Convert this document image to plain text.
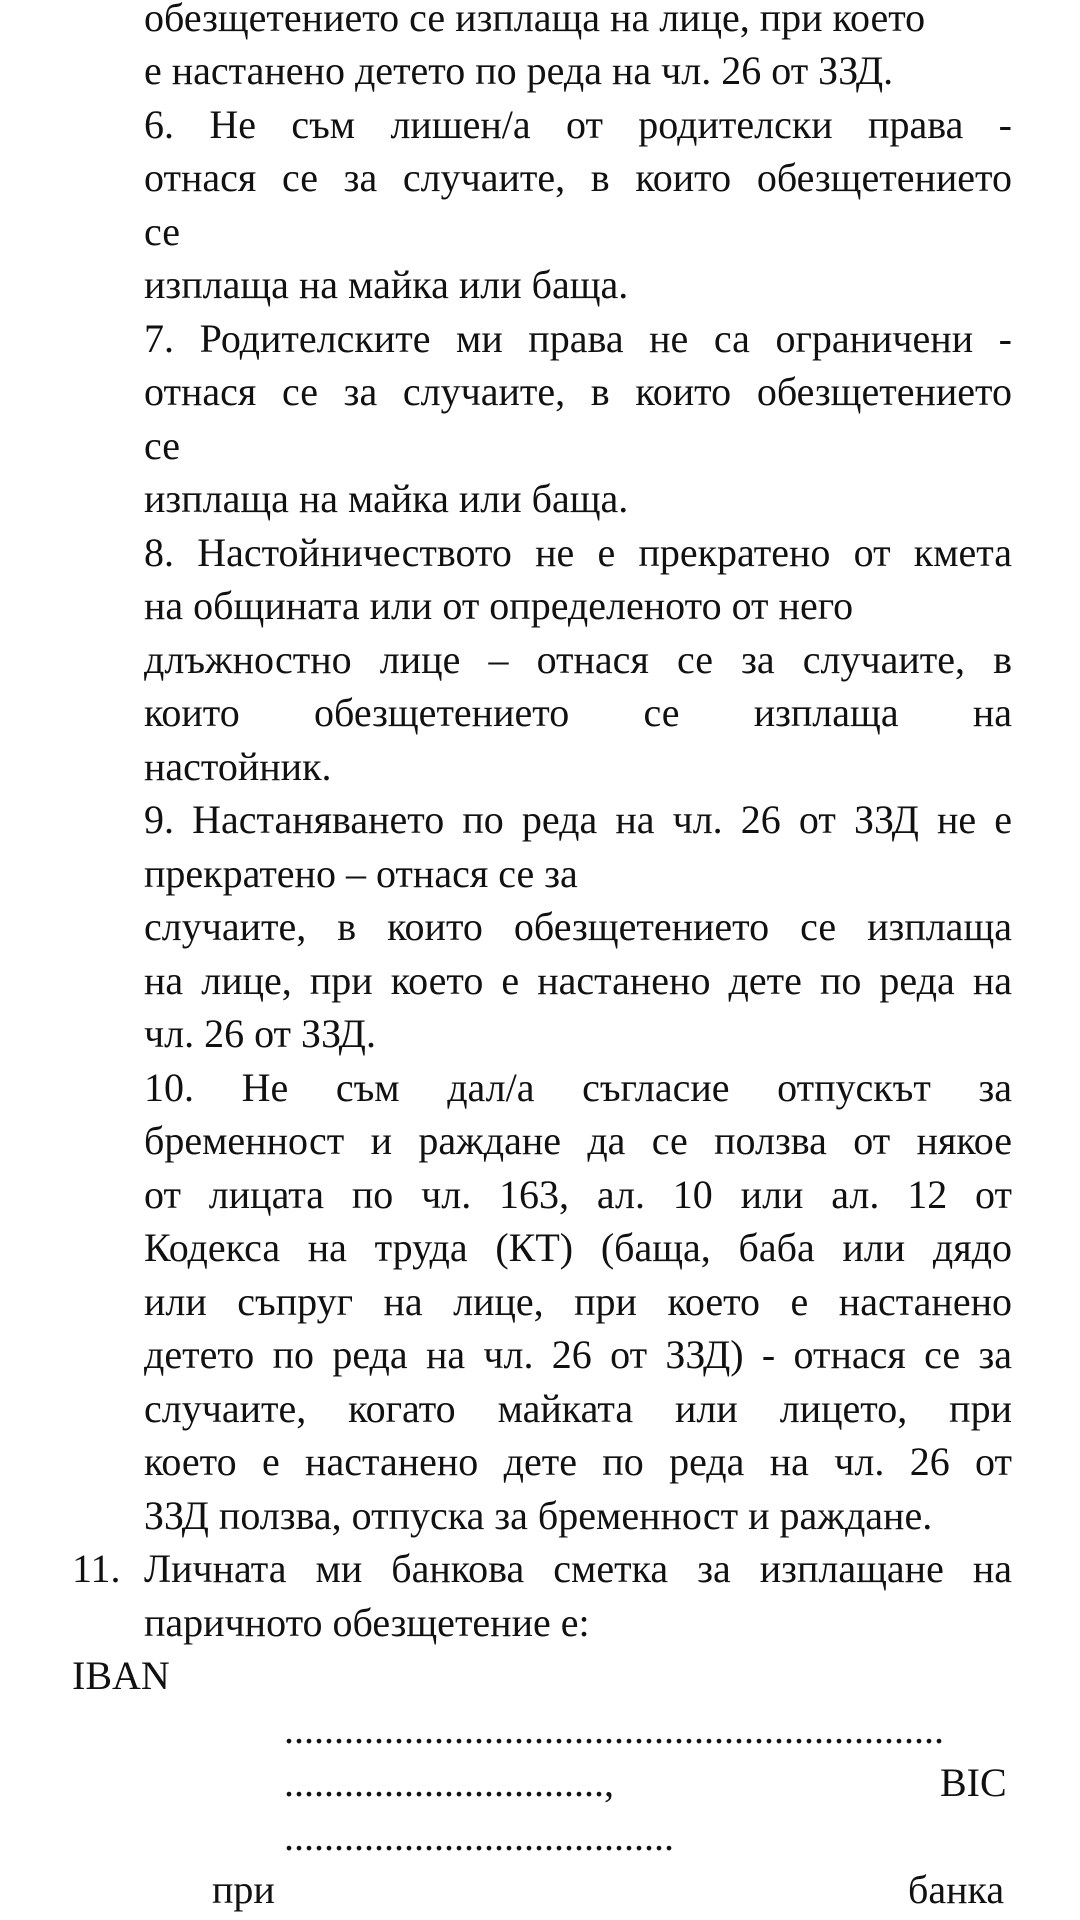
обезщетението се изплаща на лице, при което
е настанено детето по реда на чл. 26 от ЗЗД.
6. Не съм лишен/а от родителски права -
отнася се за случаите, в които обезщетението
се
изплаща на майка или баща.
7. Родителските ми права не са ограничени -
отнася се за случаите, в които обезщетението
се
изплаща на майка или баща.
8. Настойничеството не е прекратено от кмета
на общината или от определеното от него
длъжностно лице – отнася се за случаите, в
които обезщетението се изплаща на
настойник.
9. Настаняването по реда на чл. 26 от ЗЗД не е
прекратено – отнася се за
случаите, в които обезщетението се изплаща
на лице, при което е настанено дете по реда на
чл. 26 от ЗЗД.
10. Не съм дал/а съгласие отпускът за
бременност и раждане да се ползва от някое
от лицата по чл. 163, ал. 10 или ал. 12 от
Кодекса на труда (КТ) (баща, баба или дядо
или съпруг на лице, при което е настанено
детето по реда на чл. 26 от ЗЗД) - отнася се за
случаите, когато майката или лицето, при
което е настанено дете по реда на чл. 26 от
ЗЗД ползва, отпуска за бременност и раждане.
11. Личната ми банкова сметка за изплащане на
паричното обезщетение е:
IBAN
..................................................................
................................,	BIC
.......................................
при	банка
